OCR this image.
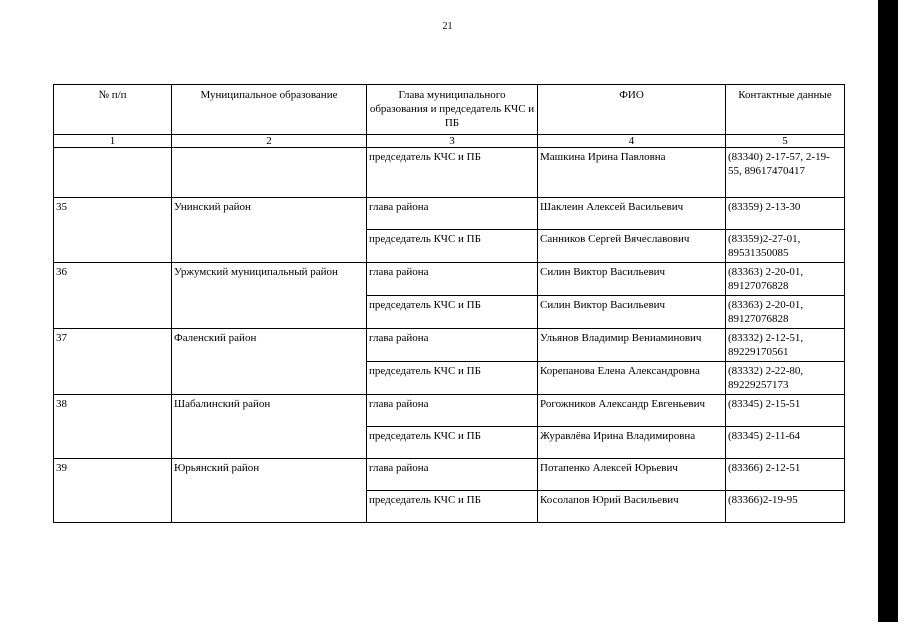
21
№ п/п	Муниципальное образование	Глава муниципального образования и председатель КЧС и ПБ	ФИО	Контактные данные
1	2	3	4	5
		председатель КЧС и ПБ	Машкина Ирина Павловна	(83340) 2-17-57, 2-19-55, 89617470417
35	Унинский район	глава района	Шаклеин Алексей Васильевич	(83359) 2-13-30
		председатель КЧС и ПБ	Санников Сергей Вячеславович	(83359)2-27-01, 89531350085
36	Уржумский муниципальный район	глава района	Силин Виктор Васильевич	(83363) 2-20-01, 89127076828
		председатель КЧС и ПБ	Силин Виктор Васильевич	(83363) 2-20-01, 89127076828
37	Фаленский район	глава района	Ульянов Владимир Вениаминович	(83332) 2-12-51, 89229170561
		председатель КЧС и ПБ	Корепанова Елена Александровна	(83332) 2-22-80, 89229257173
38	Шабалинский район	глава района	Рогожников Александр Евгеньевич	(83345) 2-15-51
		председатель КЧС и ПБ	Журавлёва Ирина Владимировна	(83345) 2-11-64
39	Юрьянский район	глава района	Потапенко Алексей Юрьевич	(83366) 2-12-51
		председатель КЧС и ПБ	Косолапов Юрий Васильевич	(83366)2-19-95
